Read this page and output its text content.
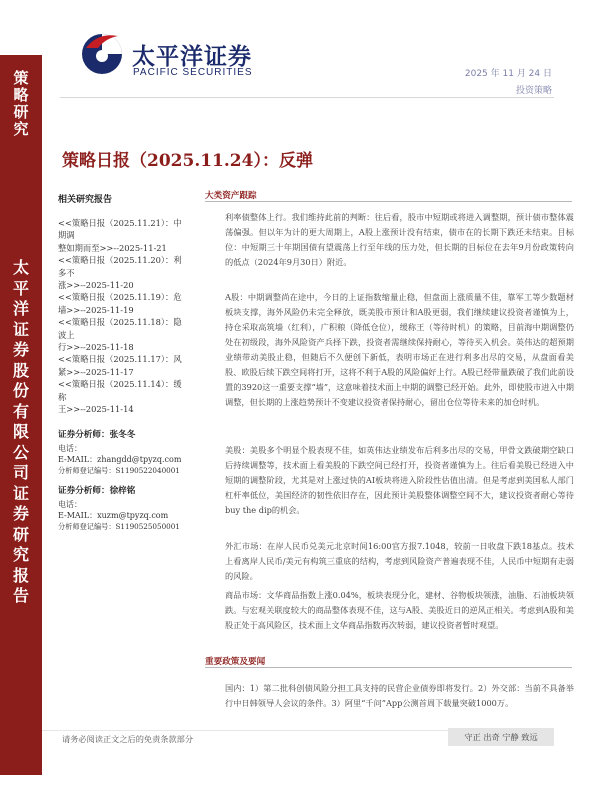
太平洋证券
PACIFIC SECURITIES	2025 年 11 月 24 日
投资策略
策
略
研
究
太
平
洋
证
券
股
份
有
限
公
司
证
券
研
究
报
告
策略日报（2025.11.24）：反弹
相关研究报告
<<策略日报（2025.11.21）：中期调
整如期而至>>--2025-11-21
<<策略日报（2025.11.20）：利多不
涨>>--2025-11-20
<<策略日报（2025.11.19）：危
墙>>--2025-11-19
<<策略日报（2025.11.18）：隐波上
行>>--2025-11-18
<<策略日报（2025.11.17）：风
紧>>--2025-11-17
<<策略日报（2025.11.14）：缓称
王>>--2025-11-14
证券分析师：张冬冬
电话：
E-MAIL：zhangdd@tpyzq.com
分析师登记编号：S1190522040001
证券分析师：徐梓铭
电话：
E-MAIL：xuzm@tpyzq.com
分析师登记编号：S1190525050001
大类资产跟踪
利率债整体上行。我们维持此前的判断：往后看，股市中短期或将进入调整期，预计债市整体震荡偏强。但以年为计的更大周期上，A股上涨预计没有结束，债市在的长期下跌还未结束。目标位：中短期三十年期国债有望震荡上行至年线的压力处，但长期的目标位在去年9月份政策转向的低点（2024年9月30日）附近。
A股：中期调整尚在途中，今日的上证指数缩量止稳，但盘面上涨质量不佳，靠军工等少数题材板块支撑，海外风险仍未完全释放，既美股市预计和A股更弱，我们继续建议投资者谨慎为上，持仓采取高筑墙（红利），广积粮（降低仓位），缓称王（等待时机）的策略，目前海中期调整仍处在初级段，海外风险资产兵择下跌，投资者需继续保持耐心，等待买入机会。英伟达的超预期业绩带动美股止稳，但随后不久便创下新低，表明市场正在进行利多出尽的交易，从盘面看美股、欧股后续下跌空间将打开，这将不利于A股的风险偏好上行。A股已经带量跌破了我们此前设置的3920这一重要支撑“墙”，这意味着技术面上中期的调整已经开始。此外，即使股市进入中期调整，但长期的上涨趋势预计不变建议投资者保持耐心，留出仓位等待未来的加仓时机。
美股：美股多个明显个股表现不佳，如英伟达业绩发布后利多出尽的交易，甲骨文跌破期空缺口后持续调整等，技术面上看美股的下跌空间已经打开，投资者谨慎为上。往后看美股已经进入中短期的调整阶段，尤其是对上涨过快的AI板块将进入阶段性估值出清。但是考虑到美国私人部门杠杆率低位，美国经济的韧性依旧存在，因此预计美股整体调整空间不大，建议投资者耐心等待buy the dip的机会。
外汇市场：在岸人民币兑美元北京时间16:00官方报7.1048，较前一日收盘下跌18基点。技术上看离岸人民币/美元有构筑三重底的结构，考虑到风险资产普遍表现不佳，人民币中短期有走弱的风险。
商品市场：文华商品指数上涨0.04%，板块表现分化，建材、谷物板块领涨，油脂、石油板块领跌。与宏观关联度较大的商品整体表现不佳，这与A股、美股近日的逆风正相关。考虑到A股和美股正处于高风险区，技术面上文华商品指数再次转弱，建议投资者暂时观望。
重要政策及要闻
国内：1）第二批科创债风险分担工具支持的民营企业债券即将发行。2）外交部：当前不具备举行中日韩领导人会议的条件。3）阿里“千问”App公测首周下载量突破1000万。
请务必阅读正文之后的免责条款部分	守正 出奇 宁静 致远
